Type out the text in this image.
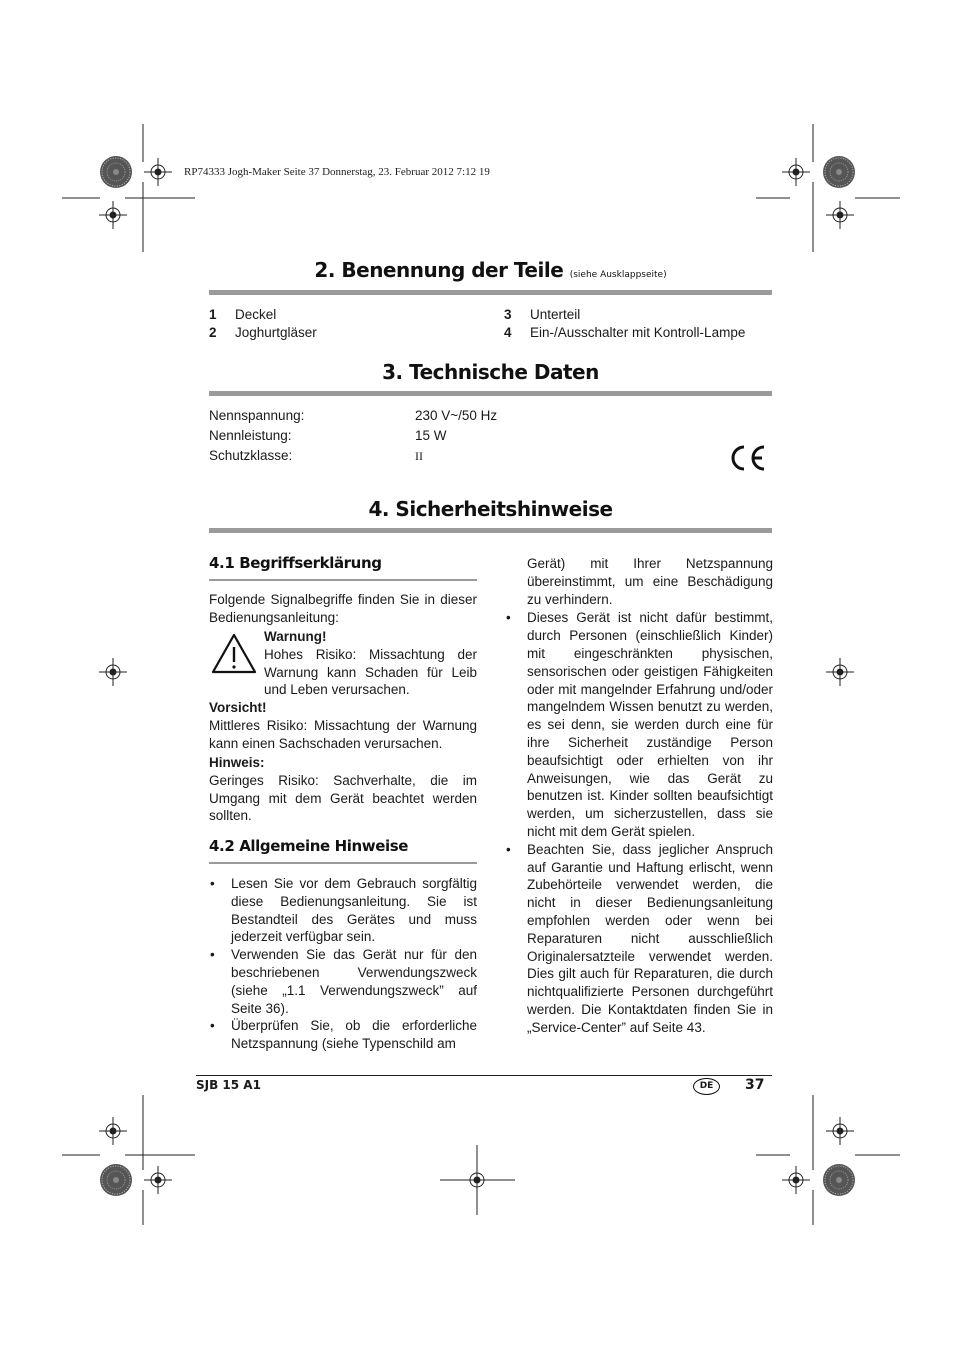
RP74333 Jogh-Maker Seite 37 Donnerstag, 23. Februar 2012 7:12 19
2. Benennung der Teile (siehe Ausklappseite)
1 Deckel
2 Joghurtgläser
3 Unterteil
4 Ein-/Ausschalter mit Kontroll-Lampe
3. Technische Daten
Nennspannung:	230 V~/50 Hz
Nennleistung:	15 W
Schutzklasse:	II
4. Sicherheitshinweise
4.1 Begriffserklärung
Folgende Signalbegriffe finden Sie in dieser Bedienungsanleitung:

Warnung!

Hohes Risiko: Missachtung der Warnung kann Schaden für Leib und Leben verursachen.

Vorsicht!

Mittleres Risiko: Missachtung der Warnung kann einen Sachschaden verursachen.

Hinweis:

Geringes Risiko: Sachverhalte, die im Umgang mit dem Gerät beachtet werden sollten.

4.2 Allgemeine Hinweise
• Lesen Sie vor dem Gebrauch sorgfältig diese Bedienungsanleitung. Sie ist Bestandteil des Gerätes und muss jederzeit verfügbar sein.
• Verwenden Sie das Gerät nur für den beschriebenen Verwendungszweck (siehe „1.1 Verwendungszweck” auf Seite 36).
• Überprüfen Sie, ob die erforderliche Netzspannung (siehe Typenschild am

Gerät) mit Ihrer Netzspannung übereinstimmt, um eine Beschädigung zu verhindern.

• Dieses Gerät ist nicht dafür bestimmt, durch Personen (einschließlich Kinder) mit eingeschränkten physischen, sensorischen oder geistigen Fähigkeiten oder mit mangelnder Erfahrung und/oder mangelndem Wissen benutzt zu werden, es sei denn, sie werden durch eine für ihre Sicherheit zuständige Person beaufsichtigt oder erhielten von ihr Anweisungen, wie das Gerät zu benutzen ist. Kinder sollten beaufsichtigt werden, um sicherzustellen, dass sie nicht mit dem Gerät spielen.
• Beachten Sie, dass jeglicher Anspruch auf Garantie und Haftung erlischt, wenn Zubehörteile verwendet werden, die nicht in dieser Bedienungsanleitung empfohlen werden oder wenn bei Reparaturen nicht ausschließlich Originalersatzteile verwendet werden. Dies gilt auch für Reparaturen, die durch nichtqualifizierte Personen durchgeführt werden. Die Kontaktdaten finden Sie in „Service-Center” auf Seite 43.
SJB 15 A1	DE	37
